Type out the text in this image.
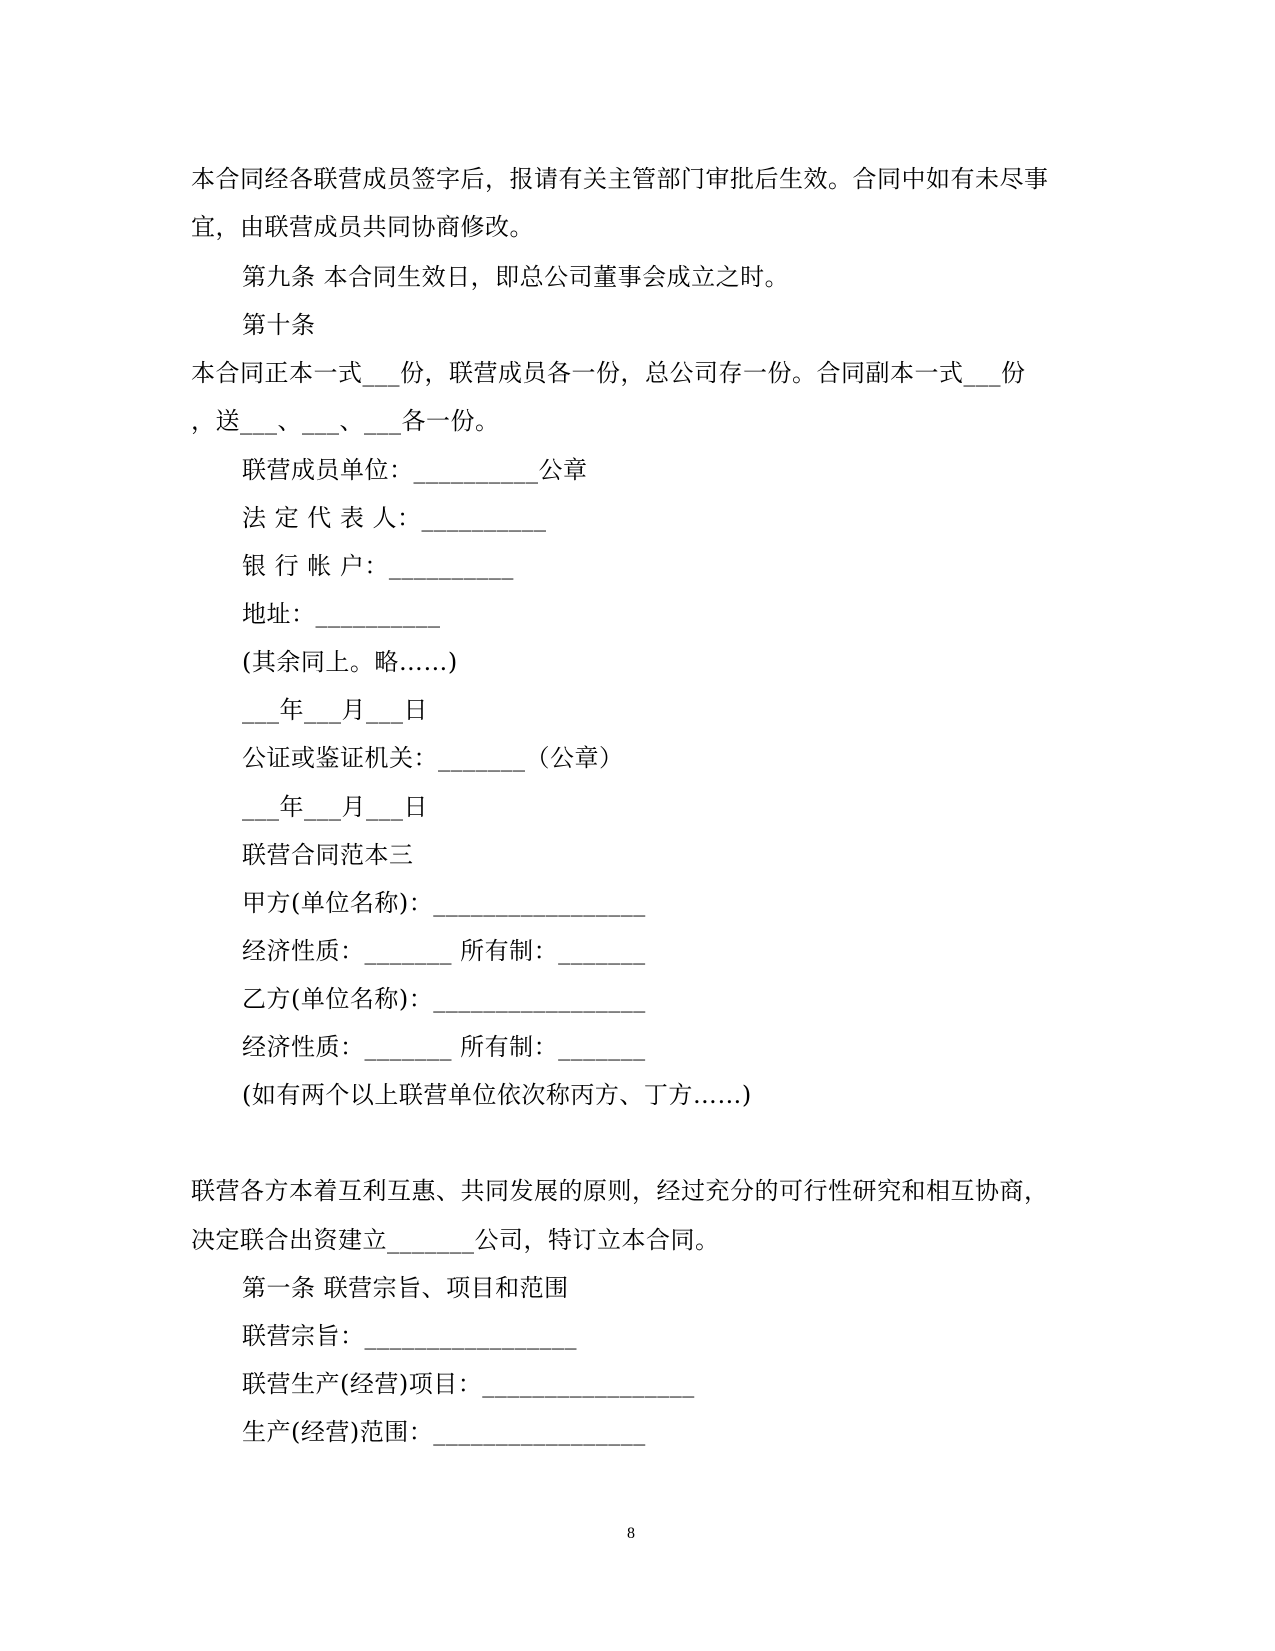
本合同经各联营成员签字后，报请有关主管部门审批后生效。合同中如有未尽事
宜，由联营成员共同协商修改。
第九条 本合同生效日，即总公司董事会成立之时。
第十条
本合同正本一式___份，联营成员各一份，总公司存一份。合同副本一式___份
，送___、___、___各一份。
联营成员单位：__________公章
法 定 代 表 人：__________
银 行 帐 户：__________
地址：__________
(其余同上。略……)
___年___月___日
公证或鉴证机关：_______（公章）
___年___月___日
联营合同范本三
甲方(单位名称)：_________________
经济性质：_______ 所有制：_______
乙方(单位名称)：_________________
经济性质：_______ 所有制：_______
(如有两个以上联营单位依次称丙方、丁方……)
联营各方本着互利互惠、共同发展的原则，经过充分的可行性研究和相互协商，
决定联合出资建立_______公司，特订立本合同。
第一条 联营宗旨、项目和范围
联营宗旨：_________________
联营生产(经营)项目：_________________
生产(经营)范围：_________________
8
